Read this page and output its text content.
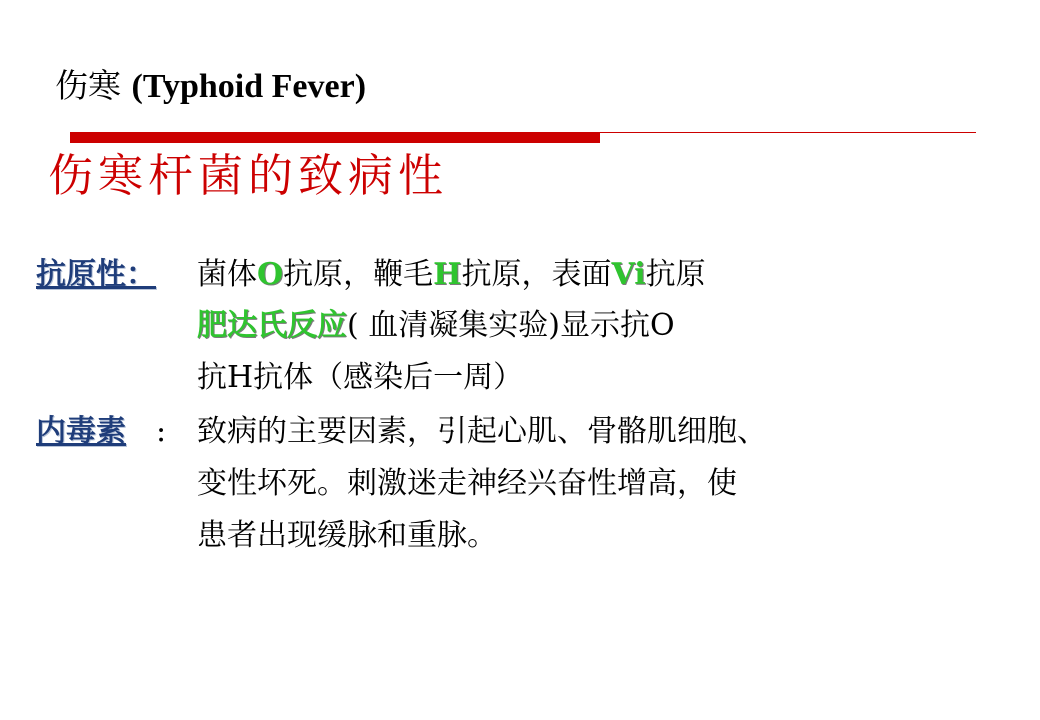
伤寒 (Typhoid Fever)
伤寒杆菌的致病性
抗原性： 菌体O抗原，鞭毛H抗原，表面Vi抗原
肥达氏反应( 血清凝集实验)显示抗O
抗H抗体（感染后一周）
内毒素 : 致病的主要因素，引起心肌、骨骼肌细胞、
变性坏死。刺激迷走神经兴奋性增高，使
患者出现缓脉和重脉。
